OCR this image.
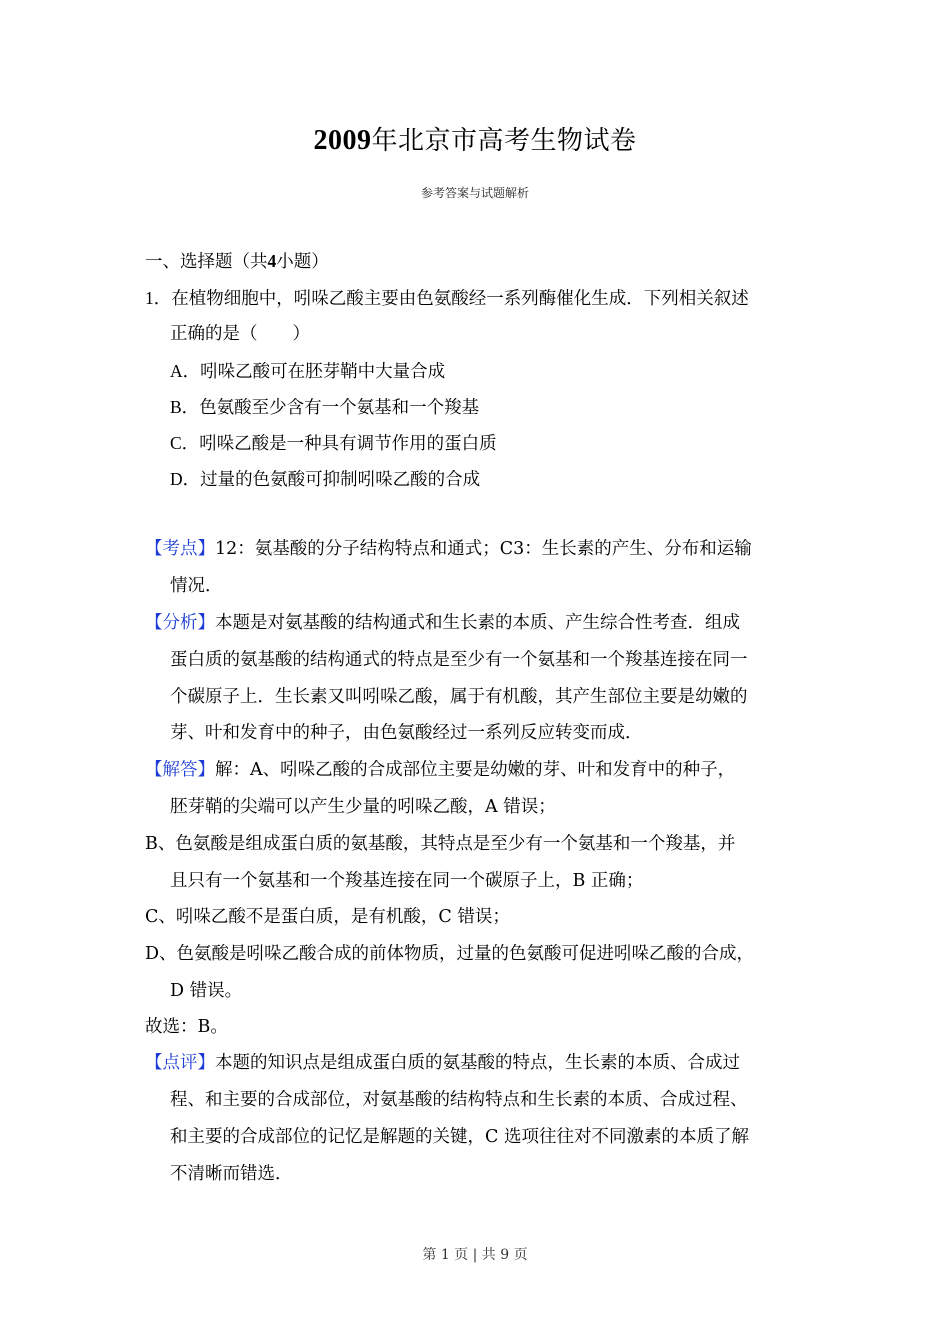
2009年北京市高考生物试卷
参考答案与试题解析
一、选择题（共4小题）
1．在植物细胞中，吲哚乙酸主要由色氨酸经一系列酶催化生成．下列相关叙述
正确的是（　　）
A．吲哚乙酸可在胚芽鞘中大量合成
B．色氨酸至少含有一个氨基和一个羧基
C．吲哚乙酸是一种具有调节作用的蛋白质
D．过量的色氨酸可抑制吲哚乙酸的合成
【考点】12：氨基酸的分子结构特点和通式；C3：生长素的产生、分布和运输
情况．
【分析】本题是对氨基酸的结构通式和生长素的本质、产生综合性考查．组成
蛋白质的氨基酸的结构通式的特点是至少有一个氨基和一个羧基连接在同一
个碳原子上．生长素又叫吲哚乙酸，属于有机酸，其产生部位主要是幼嫩的
芽、叶和发育中的种子，由色氨酸经过一系列反应转变而成．
【解答】解：A、吲哚乙酸的合成部位主要是幼嫩的芽、叶和发育中的种子，
胚芽鞘的尖端可以产生少量的吲哚乙酸，A 错误；
B、色氨酸是组成蛋白质的氨基酸，其特点是至少有一个氨基和一个羧基，并
且只有一个氨基和一个羧基连接在同一个碳原子上，B 正确；
C、吲哚乙酸不是蛋白质，是有机酸，C 错误；
D、色氨酸是吲哚乙酸合成的前体物质，过量的色氨酸可促进吲哚乙酸的合成，
D 错误。
故选：B。
【点评】本题的知识点是组成蛋白质的氨基酸的特点，生长素的本质、合成过
程、和主要的合成部位，对氨基酸的结构特点和生长素的本质、合成过程、
和主要的合成部位的记忆是解题的关键，C 选项往往对不同激素的本质了解
不清晰而错选．
第 1 页 | 共 9 页
